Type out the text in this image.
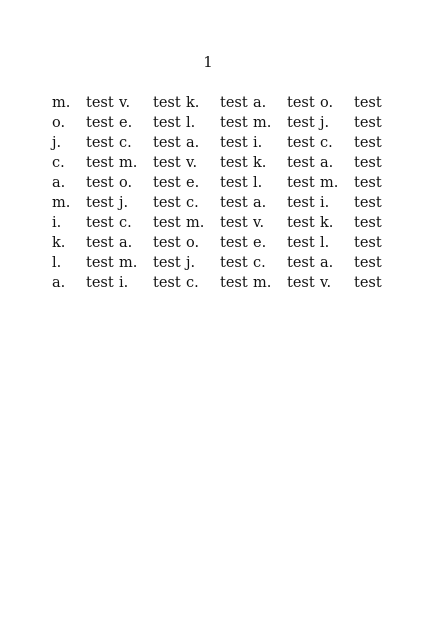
1
m.	test v.	test k.	test a.	test o.	test
o.	test e.	test l.	test m.	test j.	test
j.	test c.	test a.	test i.	test c.	test
c.	test m.	test v.	test k.	test a.	test
a.	test o.	test e.	test l.	test m.	test
m.	test j.	test c.	test a.	test i.	test
i.	test c.	test m.	test v.	test k.	test
k.	test a.	test o.	test e.	test l.	test
l.	test m.	test j.	test c.	test a.	test
a.	test i.	test c.	test m.	test v.	test
